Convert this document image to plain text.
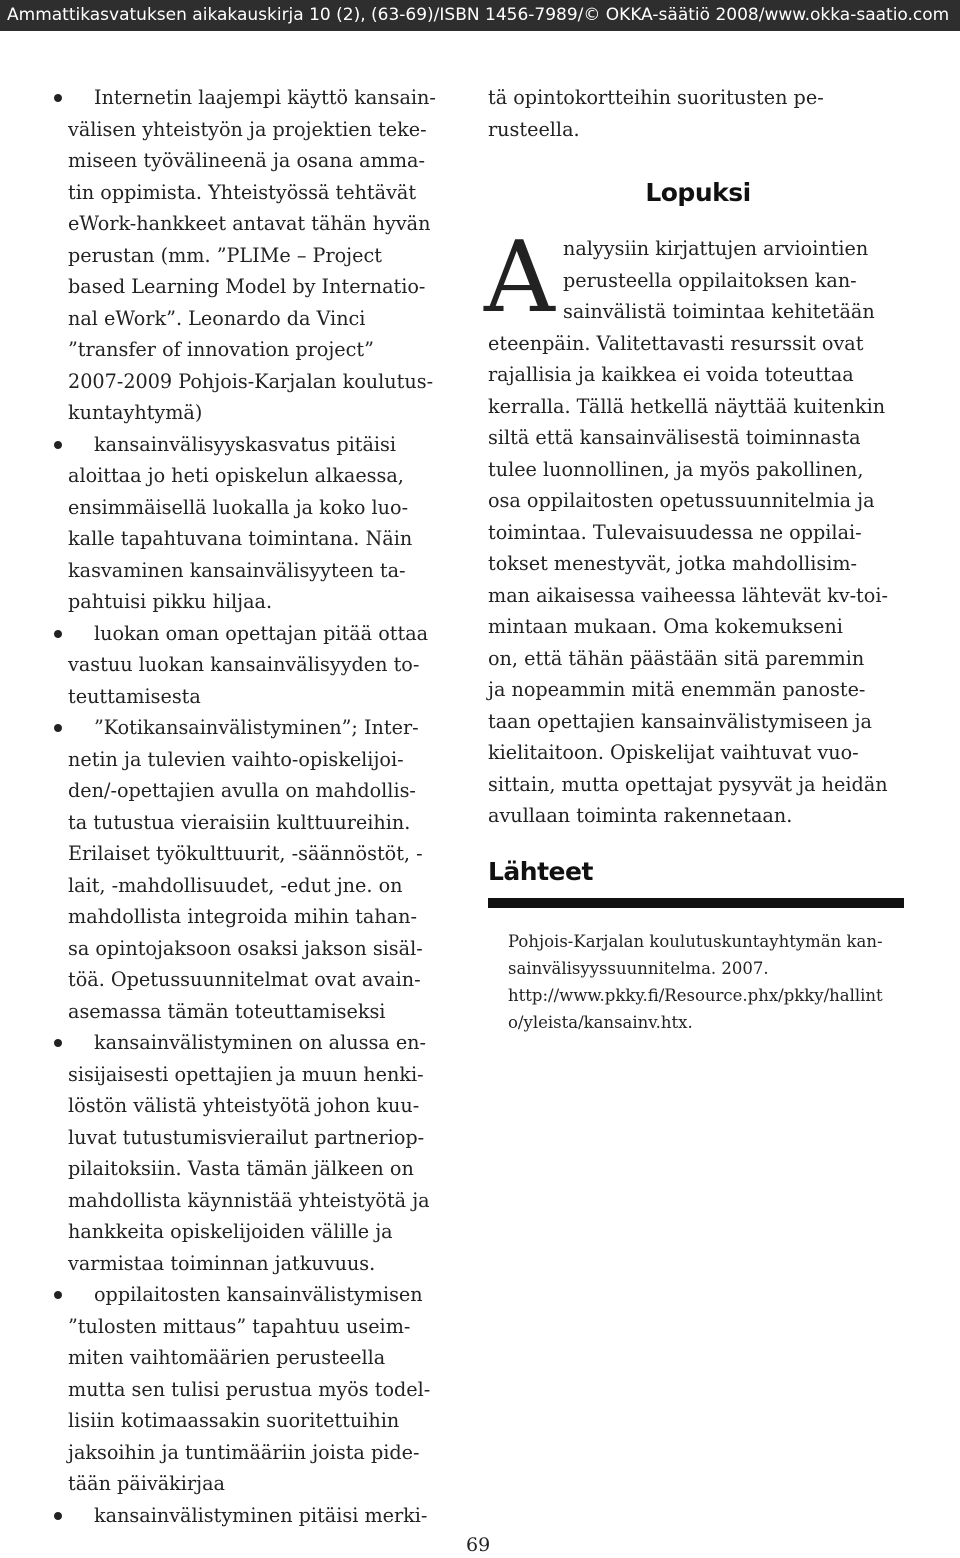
Ammattikasvatuksen aikakauskirja 10 (2), (63-69)/ISBN 1456-7989/© OKKA-säätiö 2008/www.okka-saatio.com
Internetin laajempi käyttö kansain-
välisen yhteistyön ja projektien teke-
miseen työvälineenä ja osana amma-
tin oppimista. Yhteistyössä tehtävät
eWork-hankkeet antavat tähän hyvän
perustan (mm. ”PLIMe – Project
based Learning Model by Internatio-
nal eWork”. Leonardo da Vinci
”transfer of innovation project”
2007-2009 Pohjois-Karjalan koulutus-
kuntayhtymä)
kansainvälisyyskasvatus pitäisi
aloittaa jo heti opiskelun alkaessa,
ensimmäisellä luokalla ja koko luo-
kalle tapahtuvana toimintana. Näin
kasvaminen kansainvälisyyteen ta-
pahtuisi pikku hiljaa.
luokan oman opettajan pitää ottaa
vastuu luokan kansainvälisyyden to-
teuttamisesta
”Kotikansainvälistyminen”; Inter-
netin ja tulevien vaihto-opiskelijoi-
den/-opettajien avulla on mahdollis-
ta tutustua vieraisiin kulttuureihin.
Erilaiset työkulttuurit, -säännöstöt, -
lait, -mahdollisuudet, -edut jne. on
mahdollista integroida mihin tahan-
sa opintojaksoon osaksi jakson sisäl-
töä. Opetussuunnitelmat ovat avain-
asemassa tämän toteuttamiseksi
kansainvälistyminen on alussa en-
sisijaisesti opettajien ja muun henki-
löstön välistä yhteistyötä johon kuu-
luvat tutustumisvierailut partneriop-
pilaitoksiin. Vasta tämän jälkeen on
mahdollista käynnistää yhteistyötä ja
hankkeita opiskelijoiden välille ja
varmistaa toiminnan jatkuvuus.
oppilaitosten kansainvälistymisen
”tulosten mittaus” tapahtuu useim-
miten vaihtomäärien perusteella
mutta sen tulisi perustua myös todel-
lisiin kotimaassakin suoritettuihin
jaksoihin ja tuntimääriin joista pide-
tään päiväkirjaa
kansainvälistyminen pitäisi merki-
tä opintokortteihin suoritusten pe-
rusteella.
Lopuksi
A nalyysiin kirjattujen arviointien
perusteella oppilaitoksen kan-
sainvälistä toimintaa kehitetään
eteenpäin. Valitettavasti resurssit ovat
rajallisia ja kaikkea ei voida toteuttaa
kerralla. Tällä hetkellä näyttää kuitenkin
siltä että kansainvälisestä toiminnasta
tulee luonnollinen, ja myös pakollinen,
osa oppilaitosten opetussuunnitelmia ja
toimintaa. Tulevaisuudessa ne oppilai-
tokset menestyvät, jotka mahdollisim-
man aikaisessa vaiheessa lähtevät kv-toi-
mintaan mukaan. Oma kokemukseni
on, että tähän päästään sitä paremmin
ja nopeammin mitä enemmän panoste-
taan opettajien kansainvälistymiseen ja
kielitaitoon. Opiskelijat vaihtuvat vuo-
sittain, mutta opettajat pysyvät ja heidän
avullaan toiminta rakennetaan.
Lähteet
Pohjois-Karjalan koulutuskuntayhtymän kan-
sainvälisyyssuunnitelma. 2007.
http://www.pkky.fi/Resource.phx/pkky/hallint
o/yleista/kansainv.htx.
69
